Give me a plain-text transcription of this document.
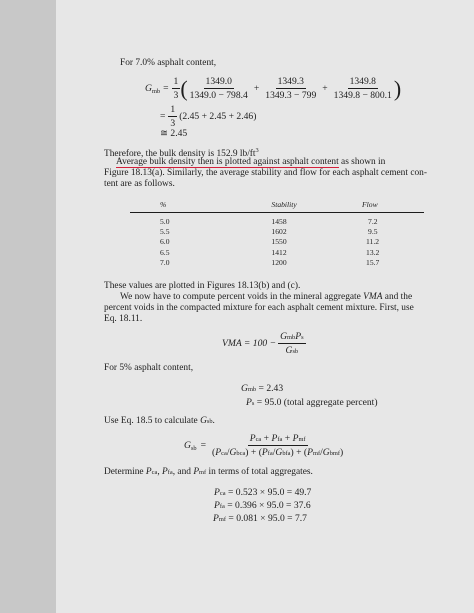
For 7.0% asphalt content,
G mb = $\frac{1}{3}$ ( $\frac{1349.0}{1349.0 - 798.4} + \frac{1349.3}{1349.3 - 799} + \frac{1349.8}{1349.8 - 800.1}$ )
= $\frac{1}{3} (2.45 + 2.45 + 2.46)$
≅ 2.45
Therefore, the bulk density is 152.9 $lb/ft^3$
Average bulk density then is plotted against asphalt content as shown in
Figure 18.13(a). Similarly, the average stability and flow for each asphalt cement con-
tent are as follows.
%	Stability	Flow
5.0	1458	7.2
5.5	1602	9.5
6.0	1550	11.2
6.5	1412	13.2
7.0	1200	15.7
These values are plotted in Figures 18.13(b) and (c).
We now have to compute percent voids in the mineral aggregate VMA and the
percent voids in the compacted mixture for each asphalt cement mixture. First, use
Eq. 18.11.
VMA = $100 - \frac{\text{GmbPs}}{\text{Gsb}}$
For 5% asphalt content,
Gmb = 2.43
Ps = 95.0 (total aggregate percent)
Use Eq. 18.5 to calculate Gsb.
G sb = $\frac{\text{Pca + Pfa + Pmf}}{\text{(Pca/Gbca) + (Pfa/Gbfa) + (Pmf/Gbmf)}}$
Determine Pca, Pfa, and Pmf in terms of total aggregates.
Pca = 0.523 × 95.0 = 49.7
Pfa = 0.396 × 95.0 = 37.6
Pmf = 0.081 × 95.0 = 7.7
